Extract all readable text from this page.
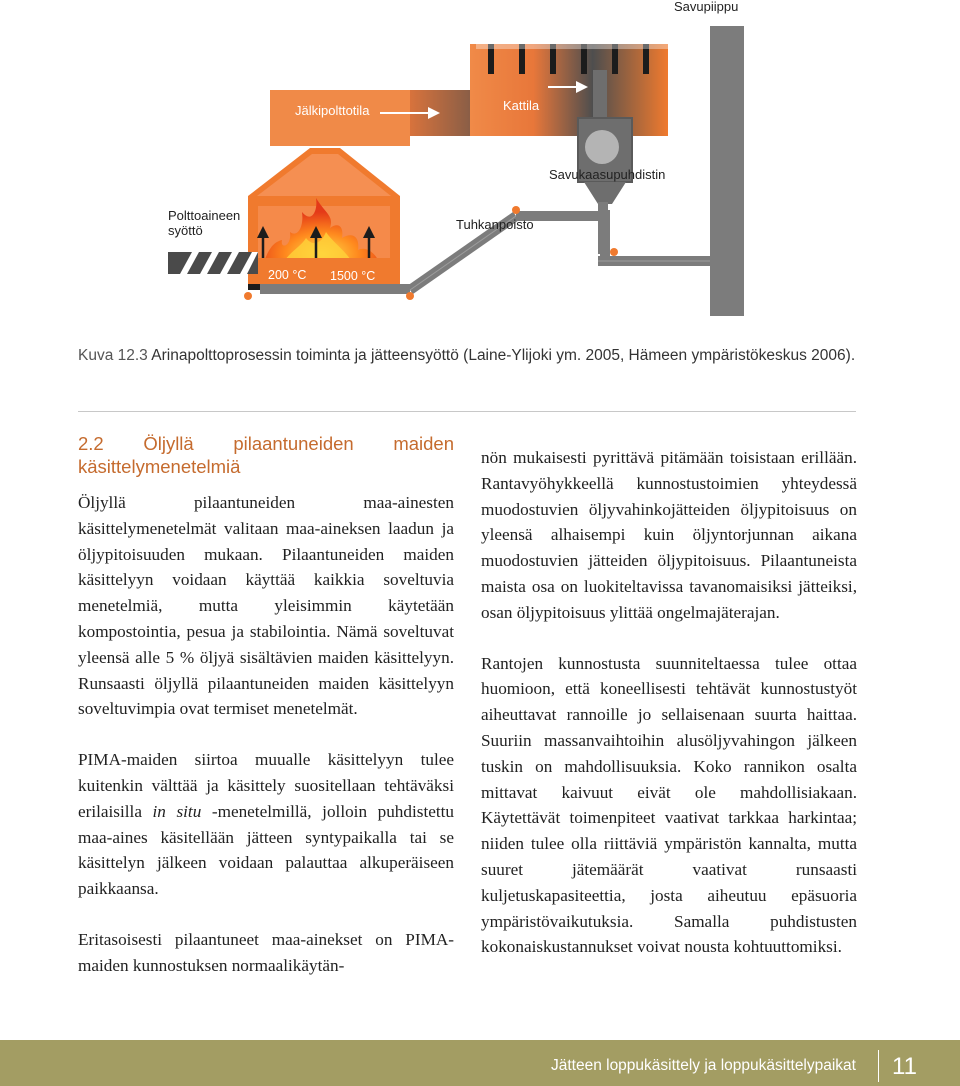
Savupiippu
Jälkipolttotila	Kattila
Savukaasupuhdistin
Polttoaineen
syöttö	Tuhkanpoisto
200 °C 1500 °C
Kuva 12.3 Arinapolttoprosessin toiminta ja jätteensyöttö (Laine-Ylijoki ym. 2005, Hämeen ympäristökeskus 2006).
2.2 Öljyllä pilaantuneiden maiden käsittelymenetelmiä

Öljyllä pilaantuneiden maa-ainesten käsittelymenetelmät valitaan maa-aineksen laadun ja öljypitoisuuden mukaan. Pilaantuneiden maiden käsittelyyn voidaan käyttää kaikkia soveltuvia menetelmiä, mutta yleisimmin käytetään kompostointia, pesua ja stabilointia. Nämä soveltuvat yleensä alle 5 % öljyä sisältävien maiden käsittelyyn. Runsaasti öljyllä pilaantuneiden maiden käsittelyyn soveltuvimpia ovat termiset menetelmät.

PIMA-maiden siirtoa muualle käsittelyyn tulee kuitenkin välttää ja käsittely suositellaan tehtäväksi erilaisilla in situ -menetelmillä, jolloin puhdistettu maa-aines käsitellään jätteen syntypaikalla tai se käsittelyn jälkeen voidaan palauttaa alkuperäiseen paikkaansa.

Eritasoisesti pilaantuneet maa-ainekset on PIMA-maiden kunnostuksen normaalikäytän-

nön mukaisesti pyrittävä pitämään toisistaan erillään. Rantavyöhykkeellä kunnostustoimien yhteydessä muodostuvien öljyvahinkojätteiden öljypitoisuus on yleensä alhaisempi kuin öljyntorjunnan aikana muodostuvien jätteiden öljypitoisuus. Pilaantuneista maista osa on luokiteltavissa tavanomaisiksi jätteiksi, osan öljypitoisuus ylittää ongelmajäterajan.

Rantojen kunnostusta suunniteltaessa tulee ottaa huomioon, että koneellisesti tehtävät kunnostustyöt aiheuttavat rannoille jo sellaisenaan suurta haittaa. Suuriin massanvaihtoihin alusöljyvahingon jälkeen tuskin on mahdollisuuksia. Koko rannikon osalta mittavat kaivuut eivät ole mahdollisiakaan. Käytettävät toimenpiteet vaativat tarkkaa harkintaa; niiden tulee olla riittäviä ympäristön kannalta, mutta suuret jätemäärät vaativat runsaasti kuljetuskapasiteettia, josta aiheutuu epäsuoria ympäristövaikutuksia. Samalla puhdistusten kokonaiskustannukset voivat nousta kohtuuttomiksi.

Jätteen loppukäsittely ja loppukäsittelypaikat 11
